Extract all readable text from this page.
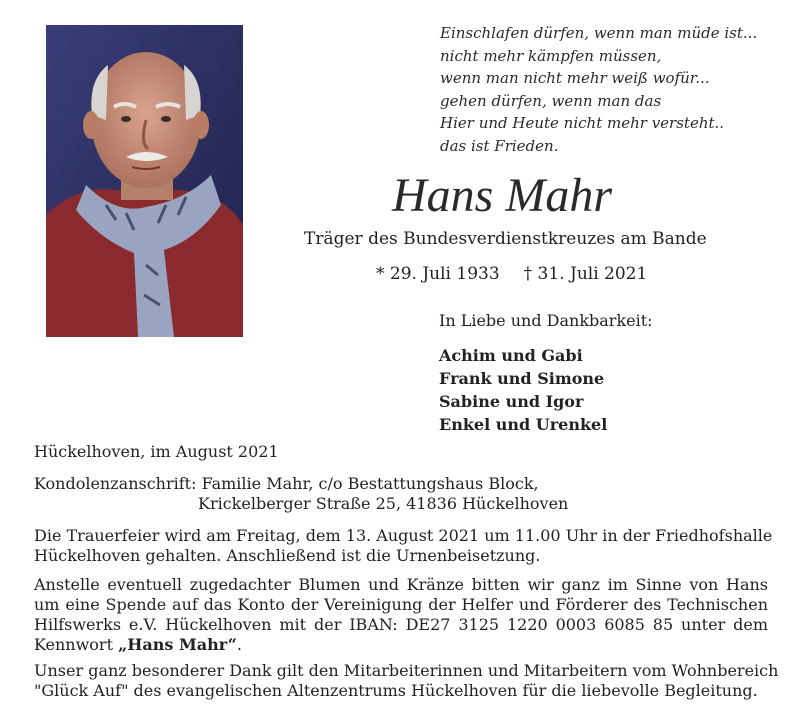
Einschlafen dürfen, wenn man müde ist...
nicht mehr kämpfen müssen,
wenn man nicht mehr weiß wofür...
gehen dürfen, wenn man das
Hier und Heute nicht mehr versteht..
das ist Frieden.
Hans Mahr
Träger des Bundesverdienstkreuzes am Bande
* 29. Juli 1933 † 31. Juli 2021
In Liebe und Dankbarkeit:
Achim und Gabi
Frank und Simone
Sabine und Igor
Enkel und Urenkel
Hückelhoven, im August 2021
Kondolenzanschrift: Familie Mahr, c/o Bestattungshaus Block,
Krickelberger Straße 25, 41836 Hückelhoven
Die Trauerfeier wird am Freitag, dem 13. August 2021 um 11.00 Uhr in der Friedhofshalle
Hückelhoven gehalten. Anschließend ist die Urnenbeisetzung.
Anstelle eventuell zugedachter Blumen und Kränze bitten wir ganz im Sinne von Hans
um eine Spende auf das Konto der Vereinigung der Helfer und Förderer des Technischen
Hilfswerks e.V. Hückelhoven mit der IBAN: DE27 3125 1220 0003 6085 85 unter dem
Kennwort „Hans Mahr“.
Unser ganz besonderer Dank gilt den Mitarbeiterinnen und Mitarbeitern vom Wohnbereich
"Glück Auf" des evangelischen Altenzentrums Hückelhoven für die liebevolle Begleitung.
